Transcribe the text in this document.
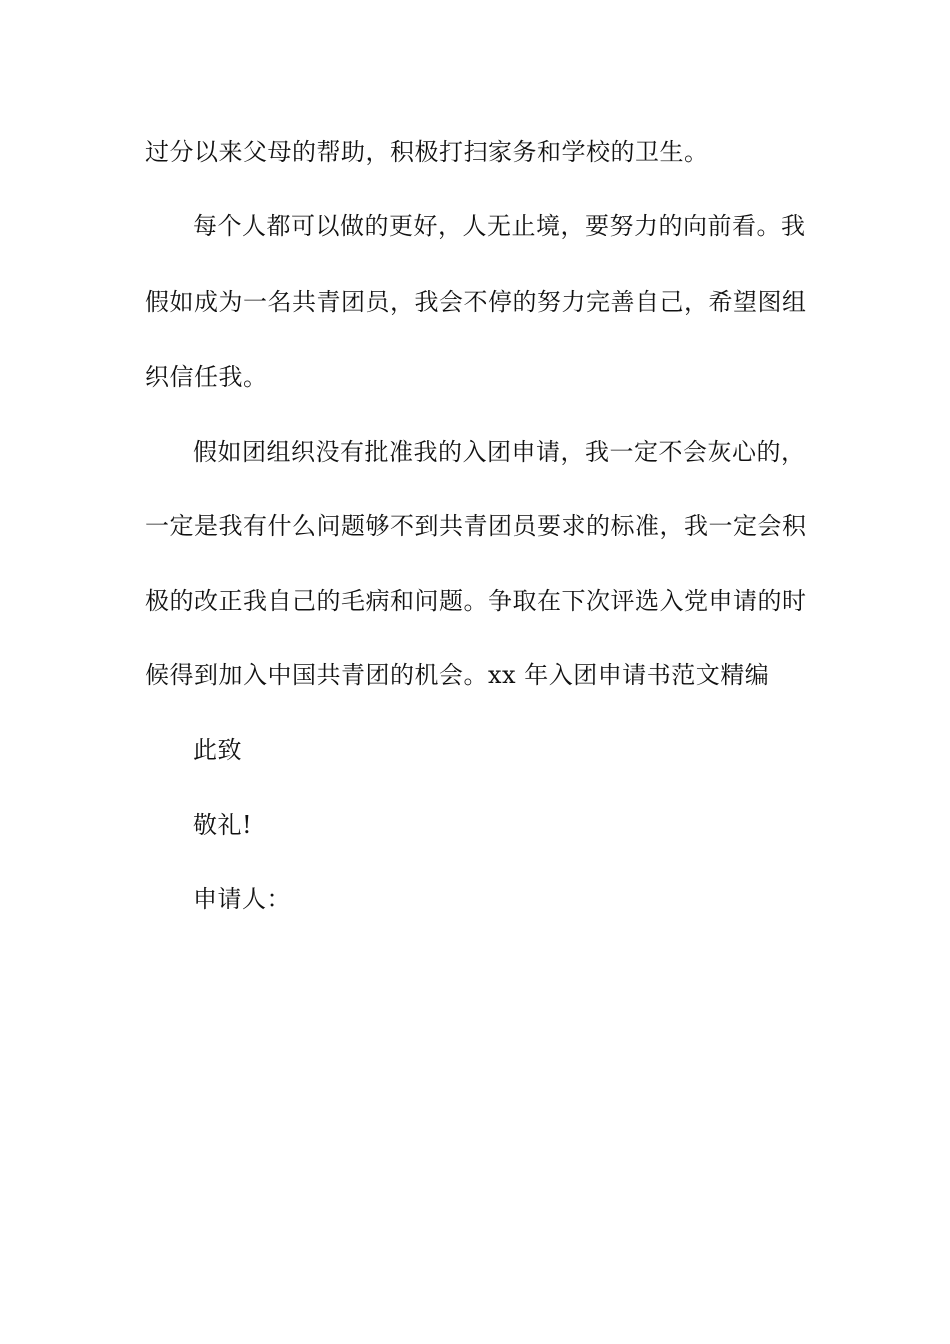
过分以来父母的帮助，积极打扫家务和学校的卫生。
每个人都可以做的更好，人无止境，要努力的向前看。我
假如成为一名共青团员，我会不停的努力完善自己，希望图组
织信任我。
假如团组织没有批准我的入团申请，我一定不会灰心的，
一定是我有什么问题够不到共青团员要求的标准，我一定会积
极的改正我自己的毛病和问题。争取在下次评选入党申请的时
候得到加入中国共青团的机会。xx 年入团申请书范文精编
此致
敬礼!
申请人：
